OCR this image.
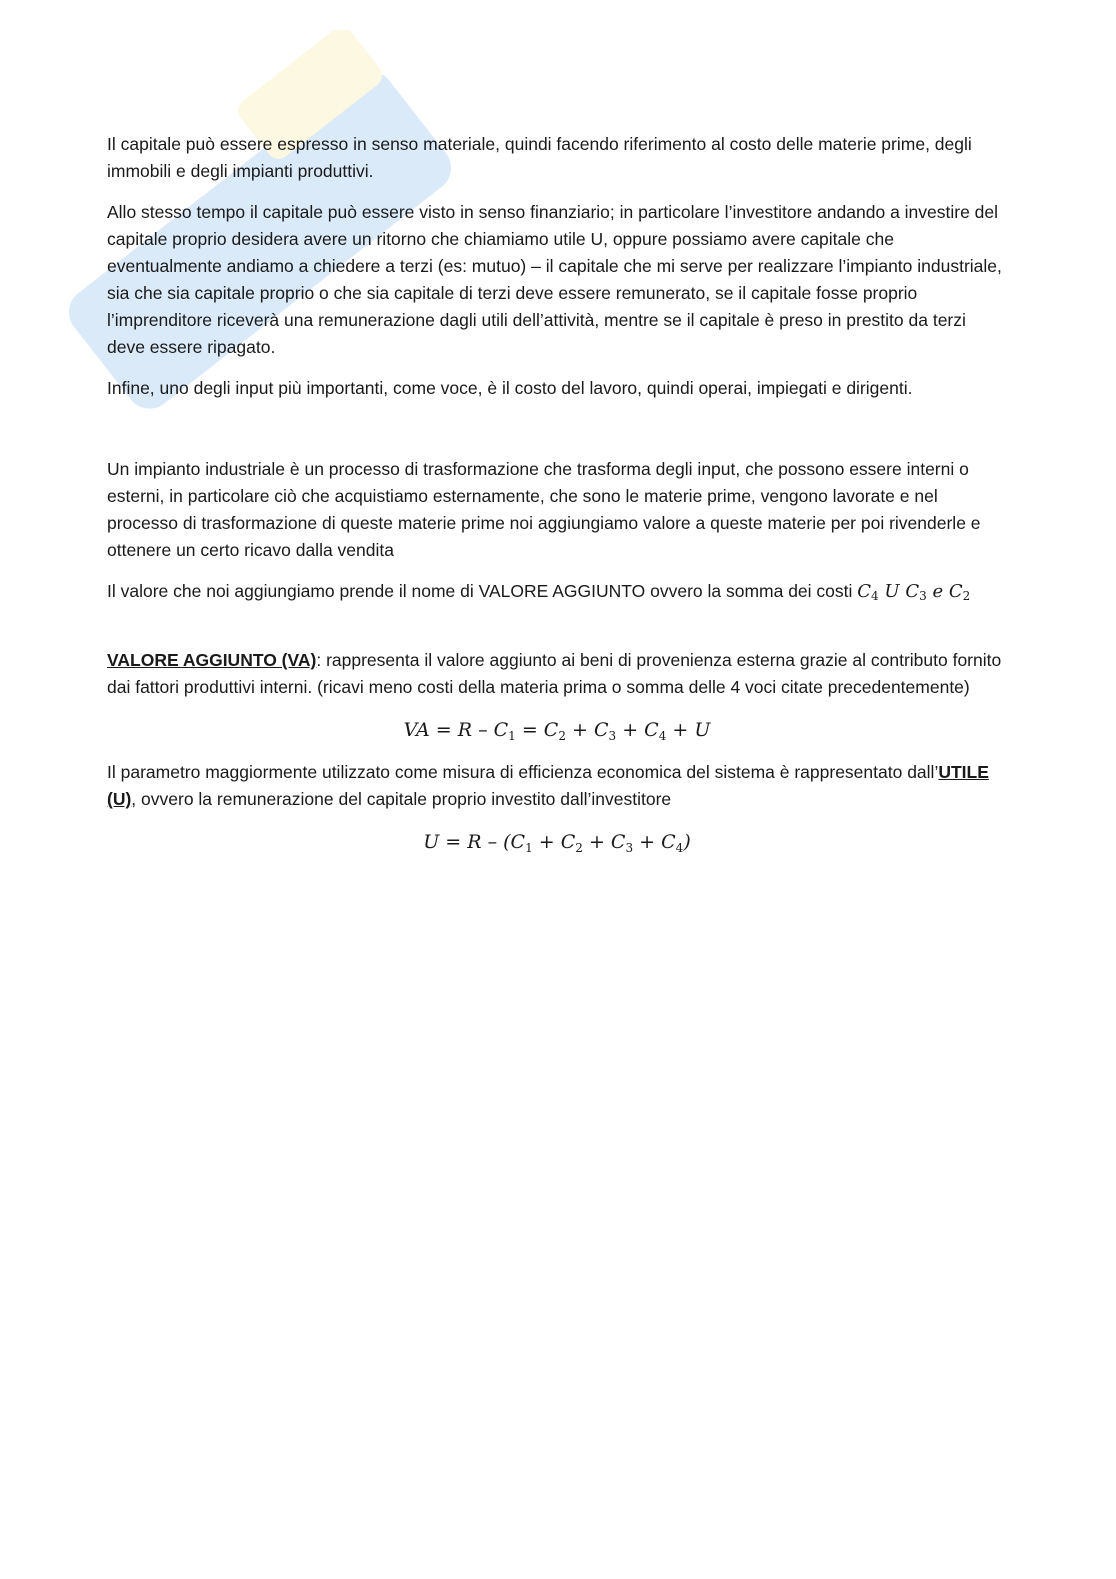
Il capitale può essere espresso in senso materiale, quindi facendo riferimento al costo delle materie prime, degli immobili e degli impianti produttivi.

Allo stesso tempo il capitale può essere visto in senso finanziario; in particolare l’investitore andando a investire del capitale proprio desidera avere un ritorno che chiamiamo utile U, oppure possiamo avere capitale che eventualmente andiamo a chiedere a terzi (es: mutuo) – il capitale che mi serve per realizzare l’impianto industriale, sia che sia capitale proprio o che sia capitale di terzi deve essere remunerato, se il capitale fosse proprio l’imprenditore riceverà una remunerazione dagli utili dell’attività, mentre se il capitale è preso in prestito da terzi deve essere ripagato.

Infine, uno degli input più importanti, come voce, è il costo del lavoro, quindi operai, impiegati e dirigenti.

Un impianto industriale è un processo di trasformazione che trasforma degli input, che possono essere interni o esterni, in particolare ciò che acquistiamo esternamente, che sono le materie prime, vengono lavorate e nel processo di trasformazione di queste materie prime noi aggiungiamo valore a queste materie per poi rivenderle e ottenere un certo ricavo dalla vendita

Il valore che noi aggiungiamo prende il nome di VALORE AGGIUNTO ovvero la somma dei costi $C_4$ U $C_3$ e $C_2$

VALORE AGGIUNTO (VA): rappresenta il valore aggiunto ai beni di provenienza esterna grazie al contributo fornito dai fattori produttivi interni. (ricavi meno costi della materia prima o somma delle 4 voci citate precedentemente)

VA = $R - C_1 = C_2 + C_3 + C_4 + U$

Il parametro maggiormente utilizzato come misura di efficienza economica del sistema è rappresentato dall’UTILE (U), ovvero la remunerazione del capitale proprio investito dall’investitore

$U = R - (C_1 + C_2 + C_3 + C_4)$
